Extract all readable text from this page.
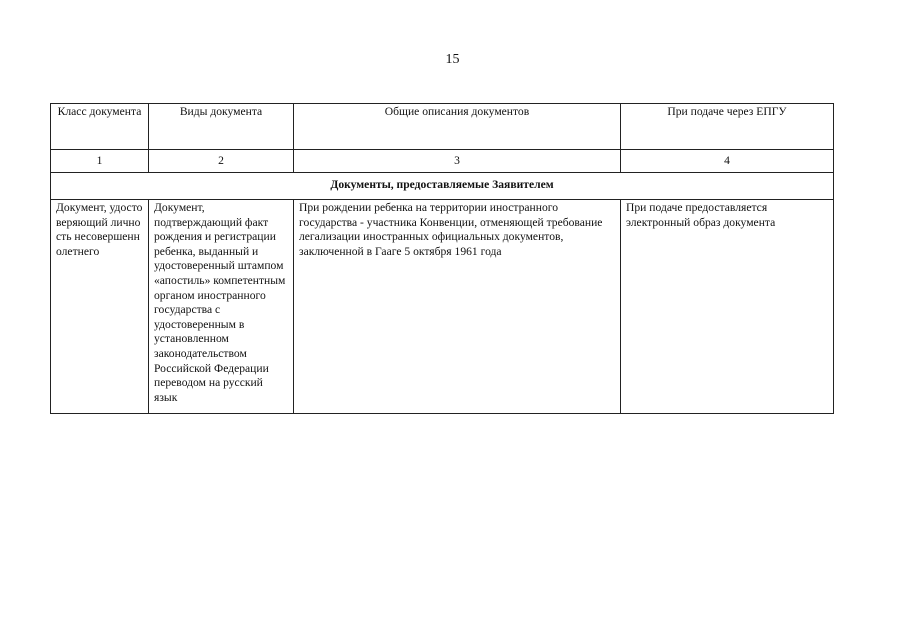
15
Класс документа	Виды документа	Общие описания документов	При подаче через ЕПГУ
1	2	3	4
Документы, предоставляемые Заявителем			
Документ, удостоверяющий личность несовершеннолетнего	Документ, подтверждающий факт рождения и регистрации ребенка, выданный и удостоверенный штампом «апостиль» компетентным органом иностранного государства с удостоверенным в установленном законодательством Российской Федерации переводом на русский язык	При рождении ребенка на территории иностранного государства - участника Конвенции, отменяющей требование легализации иностранных официальных документов, заключенной в Гааге 5 октября 1961 года	При подаче предоставляется электронный образ документа
